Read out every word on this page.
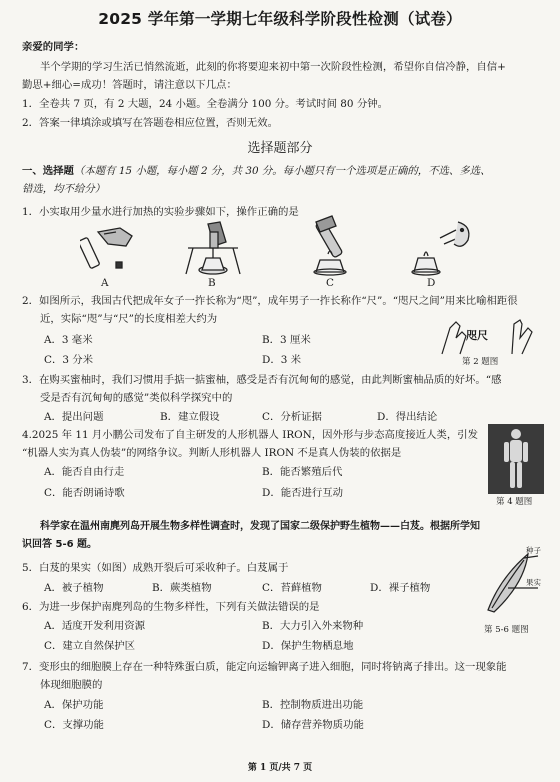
2025 学年第一学期七年级科学阶段性检测（试卷）
亲爱的同学：
半个学期的学习生活已悄然流逝，此刻的你将要迎来初中第一次阶段性检测，希望你自信冷静，自信+
勤思+细心=成功！答题时，请注意以下几点：
1．全卷共 7 页，有 2 大题，24 小题。全卷满分 100 分。考试时间 80 分钟。
2．答案一律填涂或填写在答题卷相应位置，否则无效。
选择题部分
一、选择题（本题有 15 小题，每小题 2 分，共 30 分。每小题只有一个选项是正确的，不选、多选、
错选，均不给分）
1．小实取用少量水进行加热的实验步骤如下，操作正确的是
A	B	C	D
2．如图所示，我国古代把成年女子一拃长称为“咫”，成年男子一拃长称作“尺”。“咫尺之间”用来比喻相距很
近，实际“咫”与“尺”的长度相差大约为
A．3 毫米	B．3 厘米
C．3 分米	D．3 米
咫尺
第 2 题图
3．在购买蜜柚时，我们习惯用手掂一掂蜜柚，感受是否有沉甸甸的感觉，由此判断蜜柚品质的好坏。“感
受是否有沉甸甸的感觉”类似科学探究中的
A．提出问题	B．建立假设	C．分析证据	D．得出结论
4.2025 年 11 月小鹏公司发布了自主研发的人形机器人 IRON，因外形与步态高度接近人类，引发
“机器人实为真人伪装”的网络争议。判断人形机器人 IRON 不是真人伪装的依据是
A．能否自由行走	B．能否繁殖后代
C．能否朗诵诗歌	D．能否进行互动
第 4 题图
科学家在温州南麂列岛开展生物多样性调查时，发现了国家二级保护野生植物——白芨。根据所学知
识回答 5-6 题。
5．白芨的果实（如图）成熟开裂后可采收种子。白芨属于
A．被子植物	B．蕨类植物	C．苔藓植物	D．裸子植物
种子
果实
6．为进一步保护南麂列岛的生物多样性，下列有关做法错误的是
A．适度开发利用资源	B．大力引入外来物种
C．建立自然保护区	D．保护生物栖息地
第 5-6 题图
7．变形虫的细胞膜上存在一种特殊蛋白质，能定向运输钾离子进入细胞，同时将钠离子排出。这一现象能
体现细胞膜的
A．保护功能	B．控制物质进出功能
C．支撑功能	D．储存营养物质功能
第 1 页/共 7 页
